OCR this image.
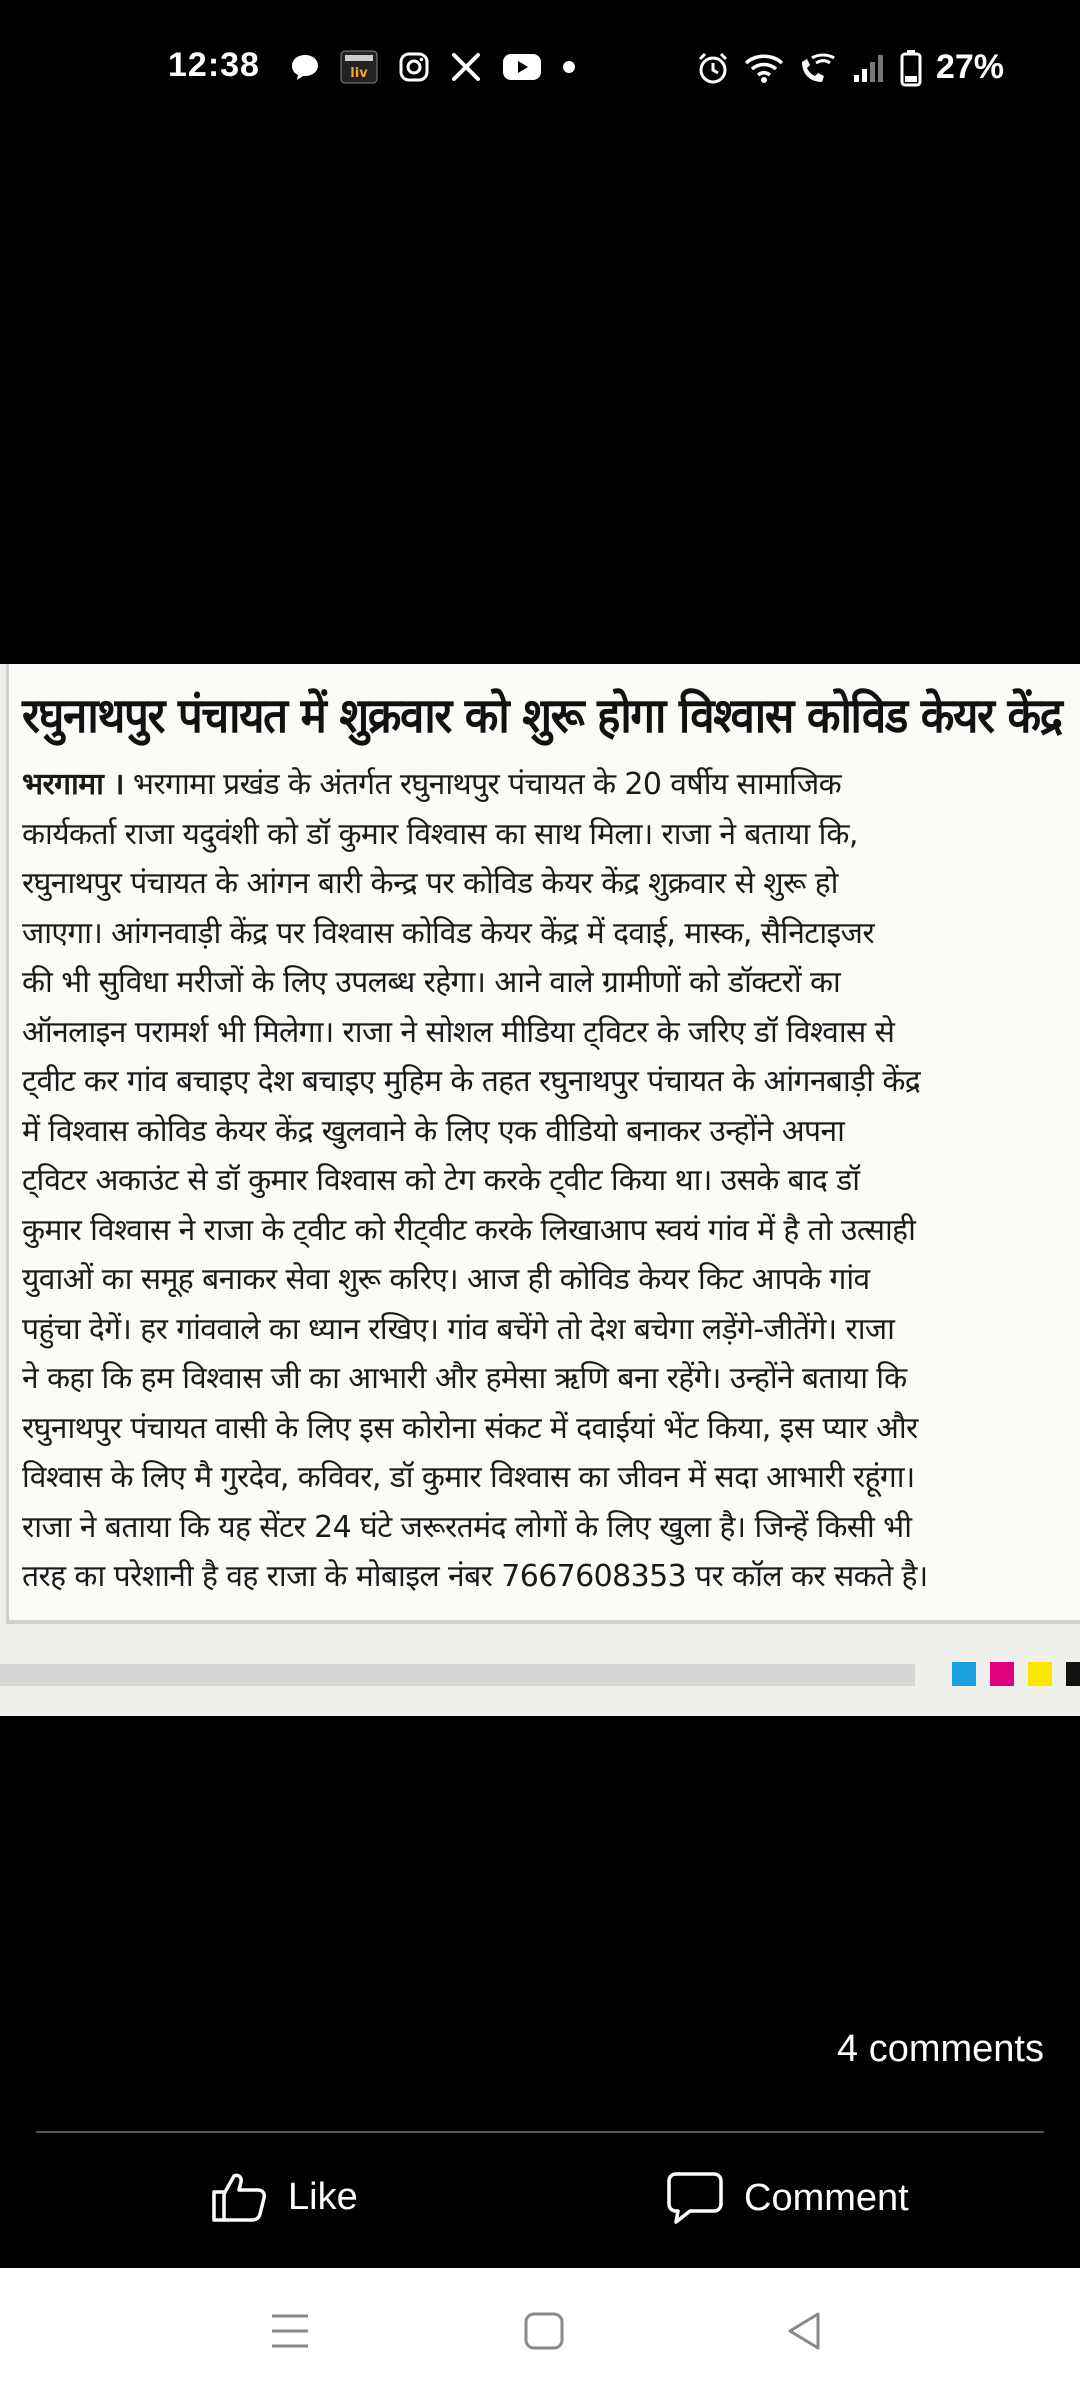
12:38	liv	27%
रघुनाथपुर पंचायत में शुक्रवार को शुरू होगा विश्वास कोविड केयर केंद्र
भरगामा । भरगामा प्रखंड के अंतर्गत रघुनाथपुर पंचायत के 20 वर्षीय सामाजिक
कार्यकर्ता राजा यदुवंशी को डॉ कुमार विश्वास का साथ मिला। राजा ने बताया कि,
रघुनाथपुर पंचायत के आंगन बारी केन्द्र पर कोविड केयर केंद्र शुक्रवार से शुरू हो
जाएगा। आंगनवाड़ी केंद्र पर विश्वास कोविड केयर केंद्र में दवाई, मास्क, सैनिटाइजर
की भी सुविधा मरीजों के लिए उपलब्ध रहेगा। आने वाले ग्रामीणों को डॉक्टरों का
ऑनलाइन परामर्श भी मिलेगा। राजा ने सोशल मीडिया ट्विटर के जरिए डॉ विश्वास से
ट्वीट कर गांव बचाइए देश बचाइए मुहिम के तहत रघुनाथपुर पंचायत के आंगनबाड़ी केंद्र
में विश्वास कोविड केयर केंद्र खुलवाने के लिए एक वीडियो बनाकर उन्होंने अपना
ट्विटर अकाउंट से डॉ कुमार विश्वास को टेग करके ट्वीट किया था। उसके बाद डॉ
कुमार विश्वास ने राजा के ट्वीट को रीट्वीट करके लिखाआप स्वयं गांव में है तो उत्साही
युवाओं का समूह बनाकर सेवा शुरू करिए। आज ही कोविड केयर किट आपके गांव
पहुंचा देगें। हर गांववाले का ध्यान रखिए। गांव बचेंगे तो देश बचेगा लड़ेंगे-जीतेंगे। राजा
ने कहा कि हम विश्वास जी का आभारी और हमेसा ऋणि बना रहेंगे। उन्होंने बताया कि
रघुनाथपुर पंचायत वासी के लिए इस कोरोना संकट में दवाईयां भेंट किया, इस प्यार और
विश्वास के लिए मै गुरदेव, कविवर, डॉ कुमार विश्वास का जीवन में सदा आभारी रहूंगा।
राजा ने बताया कि यह सेंटर 24 घंटे जरूरतमंद लोगों के लिए खुला है। जिन्हें किसी भी
तरह का परेशानी है वह राजा के मोबाइल नंबर 7667608353 पर कॉल कर सकते है।
4 comments
Like	Comment
